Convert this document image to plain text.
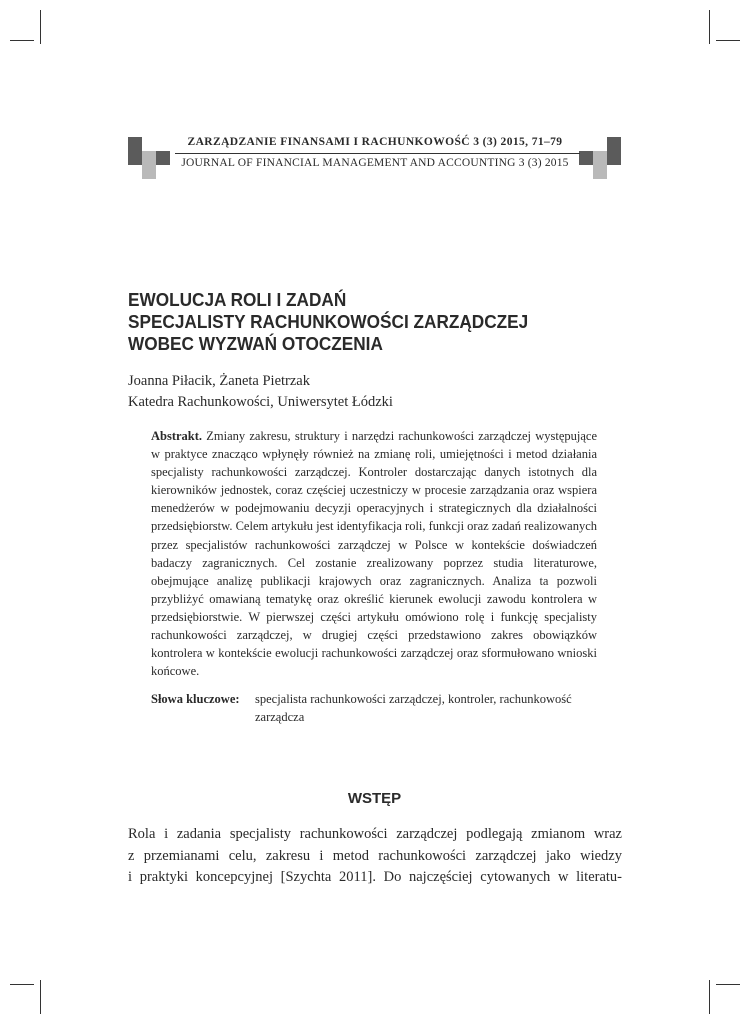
ZARZĄDZANIE FINANSAMI I RACHUNKOWOŚĆ 3 (3) 2015, 71–79
JOURNAL OF FINANCIAL MANAGEMENT AND ACCOUNTING 3 (3) 2015
EWOLUCJA ROLI I ZADAŃ
SPECJALISTY RACHUNKOWOŚCI ZARZĄDCZEJ
WOBEC WYZWAŃ OTOCZENIA
Joanna Piłacik, Żaneta Pietrzak
Katedra Rachunkowości, Uniwersytet Łódzki
Abstrakt. Zmiany zakresu, struktury i narzędzi rachunkowości zarządczej występujące w praktyce znacząco wpłynęły również na zmianę roli, umiejętności i metod działania specjalisty rachunkowości zarządczej. Kontroler dostarczając danych istotnych dla kierowników jednostek, coraz częściej uczestniczy w procesie zarządzania oraz wspiera menedżerów w podejmowaniu decyzji operacyjnych i strategicznych dla działalności przedsiębiorstw. Celem artykułu jest identyfikacja roli, funkcji oraz zadań realizowanych przez specjalistów rachunkowości zarządczej w Polsce w kontekście doświadczeń badaczy zagranicznych. Cel zostanie zrealizowany poprzez studia literaturowe, obejmujące analizę publikacji krajowych oraz zagranicznych. Analiza ta pozwoli przybliżyć omawianą tematykę oraz określić kierunek ewolucji zawodu kontrolera w przedsiębiorstwie. W pierwszej części artykułu omówiono rolę i funkcję specjalisty rachunkowości zarządczej, w drugiej części przedstawiono zakres obowiązków kontrolera w kontekście ewolucji rachunkowości zarządczej oraz sformułowano wnioski końcowe.
Słowa kluczowe: specjalista rachunkowości zarządczej, kontroler, rachunkowość zarządcza
WSTĘP
Rola i zadania specjalisty rachunkowości zarządczej podlegają zmianom wraz
z przemianami celu, zakresu i metod rachunkowości zarządczej jako wiedzy
i praktyki koncepcyjnej [Szychta 2011]. Do najczęściej cytowanych w literatu-
